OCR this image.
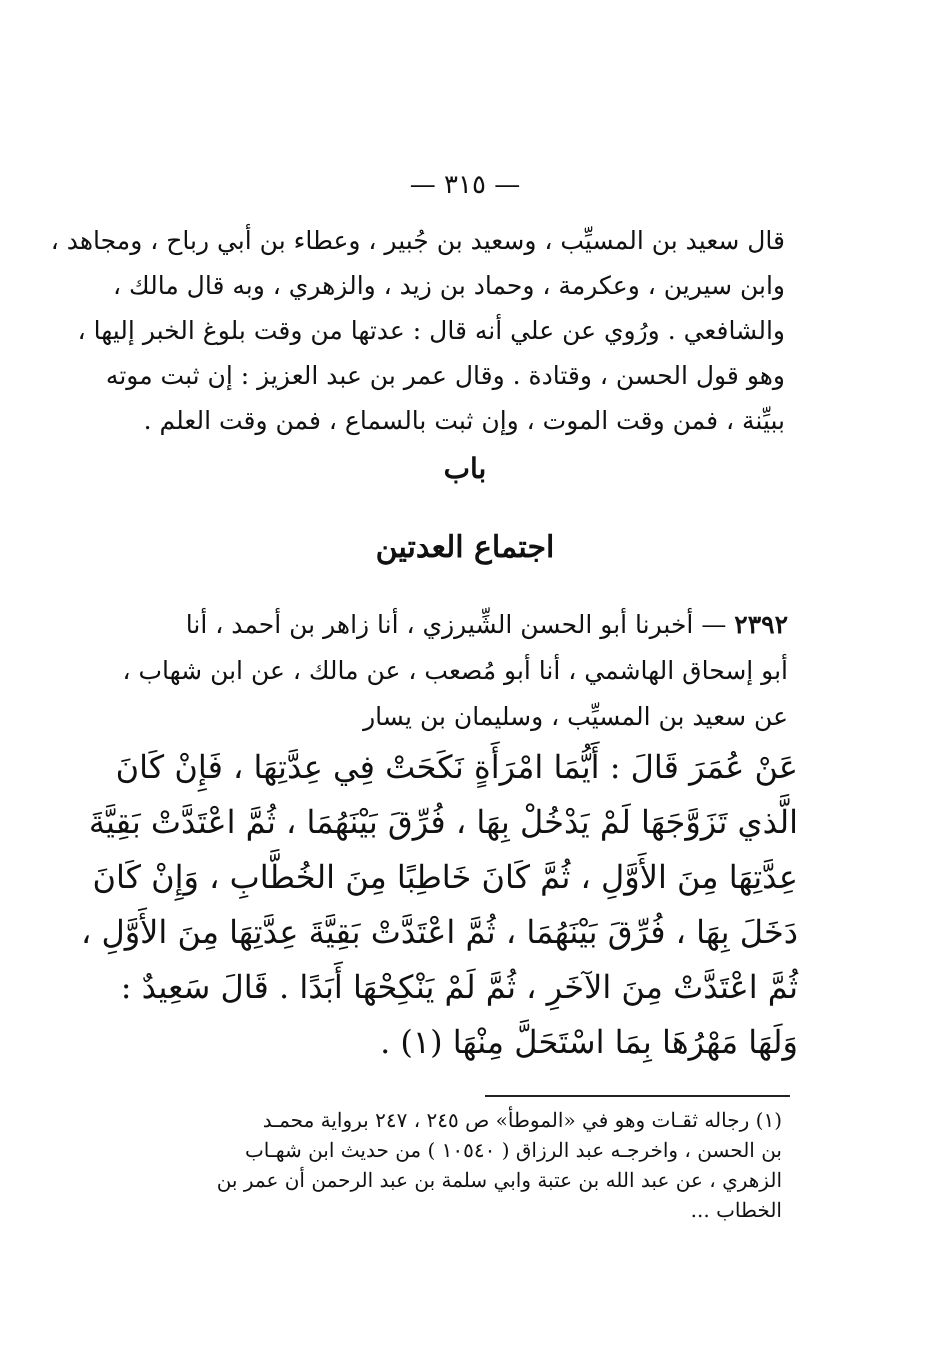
— ٣١٥ —
قال سعيد بن المسيِّب ، وسعيد بن جُبير ، وعطاء بن أبي رباح ، ومجاهد ،
وابن سيرين ، وعكرمة ، وحماد بن زيد ، والزهري ، وبه قال مالك ،
والشافعي . ورُوي عن علي أنه قال : عدتها من وقت بلوغ الخبر إليها ،
وهو قول الحسن ، وقتادة . وقال عمر بن عبد العزيز : إن ثبت موته
ببيِّنة ، فمن وقت الموت ، وإن ثبت بالسماع ، فمن وقت العلم .
باب
اجتماع العدتين
٢٣٩٢ — أخبرنا أبو الحسن الشِّيرزي ، أنا زاهر بن أحمد ، أنا
أبو إسحاق الهاشمي ، أنا أبو مُصعب ، عن مالك ، عن ابن شهاب ،
عن سعيد بن المسيِّب ، وسليمان بن يسار
عَنْ عُمَرَ قَالَ : أَيُّمَا امْرَأَةٍ نَكَحَتْ فِي عِدَّتِهَا ، فَإِنْ كَانَ
الَّذي تَزَوَّجَهَا لَمْ يَدْخُلْ بِهَا ، فُرِّقَ بَيْنَهُمَا ، ثُمَّ اعْتَدَّتْ بَقِيَّةَ
عِدَّتِهَا مِنَ الأَوَّلِ ، ثُمَّ كَانَ خَاطِبًا مِنَ الخُطَّابِ ، وَإِنْ كَانَ
دَخَلَ بِهَا ، فُرِّقَ بَيْنَهُمَا ، ثُمَّ اعْتَدَّتْ بَقِيَّةَ عِدَّتِهَا مِنَ الأَوَّلِ ،
ثُمَّ اعْتَدَّتْ مِنَ الآخَرِ ، ثُمَّ لَمْ يَنْكِحْهَا أَبَدًا . قَالَ سَعِيدٌ :
وَلَهَا مَهْرُهَا بِمَا اسْتَحَلَّ مِنْهَا (١) .
(١) رجاله ثقـات وهو في «الموطأ» ص ٢٤٥ ، ٢٤٧ برواية محمـد
بن الحسن ، واخرجـه عبد الرزاق ( ١٠٥٤٠ ) من حديث ابن شهـاب
الزهري ، عن عبد الله بن عتبة وابي سلمة بن عبد الرحمن أن عمر بن
الخطاب ...
